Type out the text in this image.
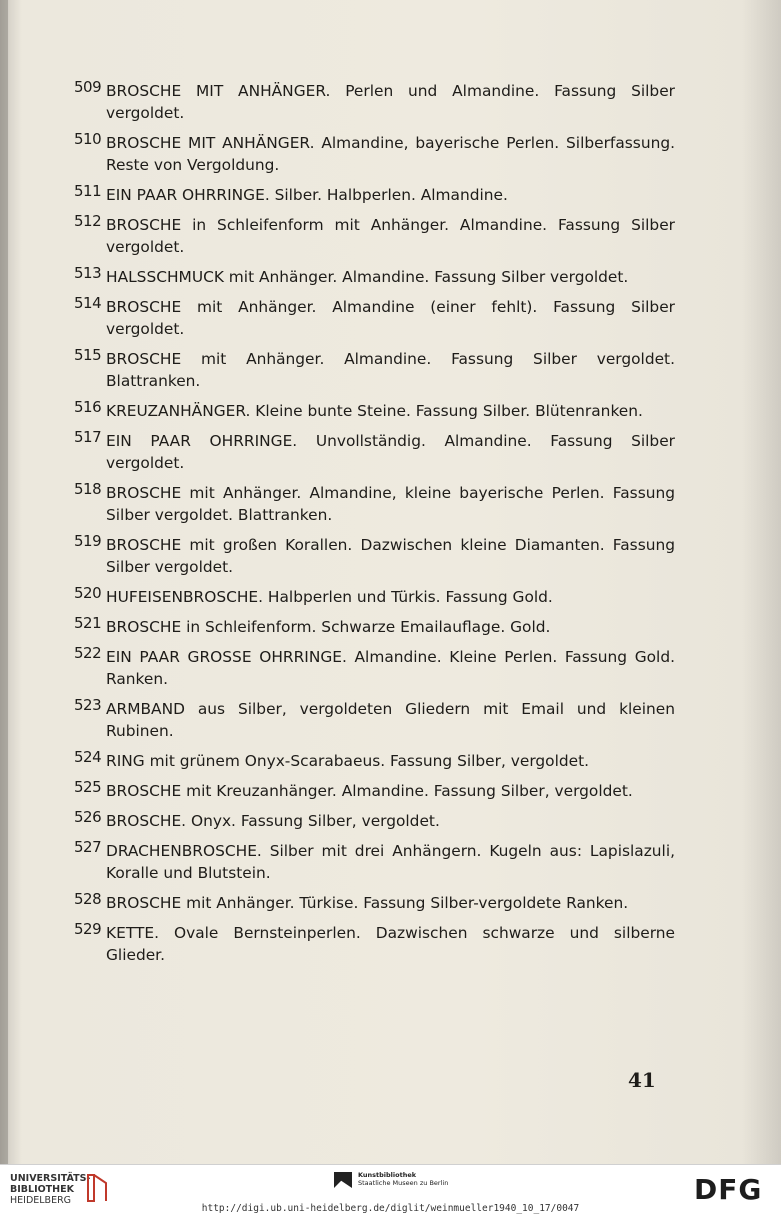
509 BROSCHE MIT ANHÄNGER. Perlen und Almandine. Fassung Silber vergoldet.
510 BROSCHE MIT ANHÄNGER. Almandine, bayerische Perlen. Silberfassung. Reste von Vergoldung.
511 EIN PAAR OHRRINGE. Silber. Halbperlen. Almandine.
512 BROSCHE in Schleifenform mit Anhänger. Almandine. Fassung Silber vergoldet.
513 HALSSCHMUCK mit Anhänger. Almandine. Fassung Silber vergoldet.
514 BROSCHE mit Anhänger. Almandine (einer fehlt). Fassung Silber vergoldet.
515 BROSCHE mit Anhänger. Almandine. Fassung Silber vergoldet. Blattranken.
516 KREUZANHÄNGER. Kleine bunte Steine. Fassung Silber. Blütenranken.
517 EIN PAAR OHRRINGE. Unvollständig. Almandine. Fassung Silber vergoldet.
518 BROSCHE mit Anhänger. Almandine, kleine bayerische Perlen. Fassung Silber vergoldet. Blattranken.
519 BROSCHE mit großen Korallen. Dazwischen kleine Diamanten. Fassung Silber vergoldet.
520 HUFEISENBROSCHE. Halbperlen und Türkis. Fassung Gold.
521 BROSCHE in Schleifenform. Schwarze Emailauflage. Gold.
522 EIN PAAR GROSSE OHRRINGE. Almandine. Kleine Perlen. Fassung Gold. Ranken.
523 ARMBAND aus Silber, vergoldeten Gliedern mit Email und kleinen Rubinen.
524 RING mit grünem Onyx-Scarabaeus. Fassung Silber, vergoldet.
525 BROSCHE mit Kreuzanhänger. Almandine. Fassung Silber, vergoldet.
526 BROSCHE. Onyx. Fassung Silber, vergoldet.
527 DRACHENBROSCHE. Silber mit drei Anhängern. Kugeln aus: Lapislazuli, Koralle und Blutstein.
528 BROSCHE mit Anhänger. Türkise. Fassung Silber-vergoldete Ranken.
529 KETTE. Ovale Bernsteinperlen. Dazwischen schwarze und silberne Glieder.
41
UNIVERSITÄTS-
BIBLIOTHEK
HEIDELBERG
Kunstbibliothek
Staatliche Museen zu Berlin	DFG
http://digi.ub.uni-heidelberg.de/diglit/weinmueller1940_10_17/0047
